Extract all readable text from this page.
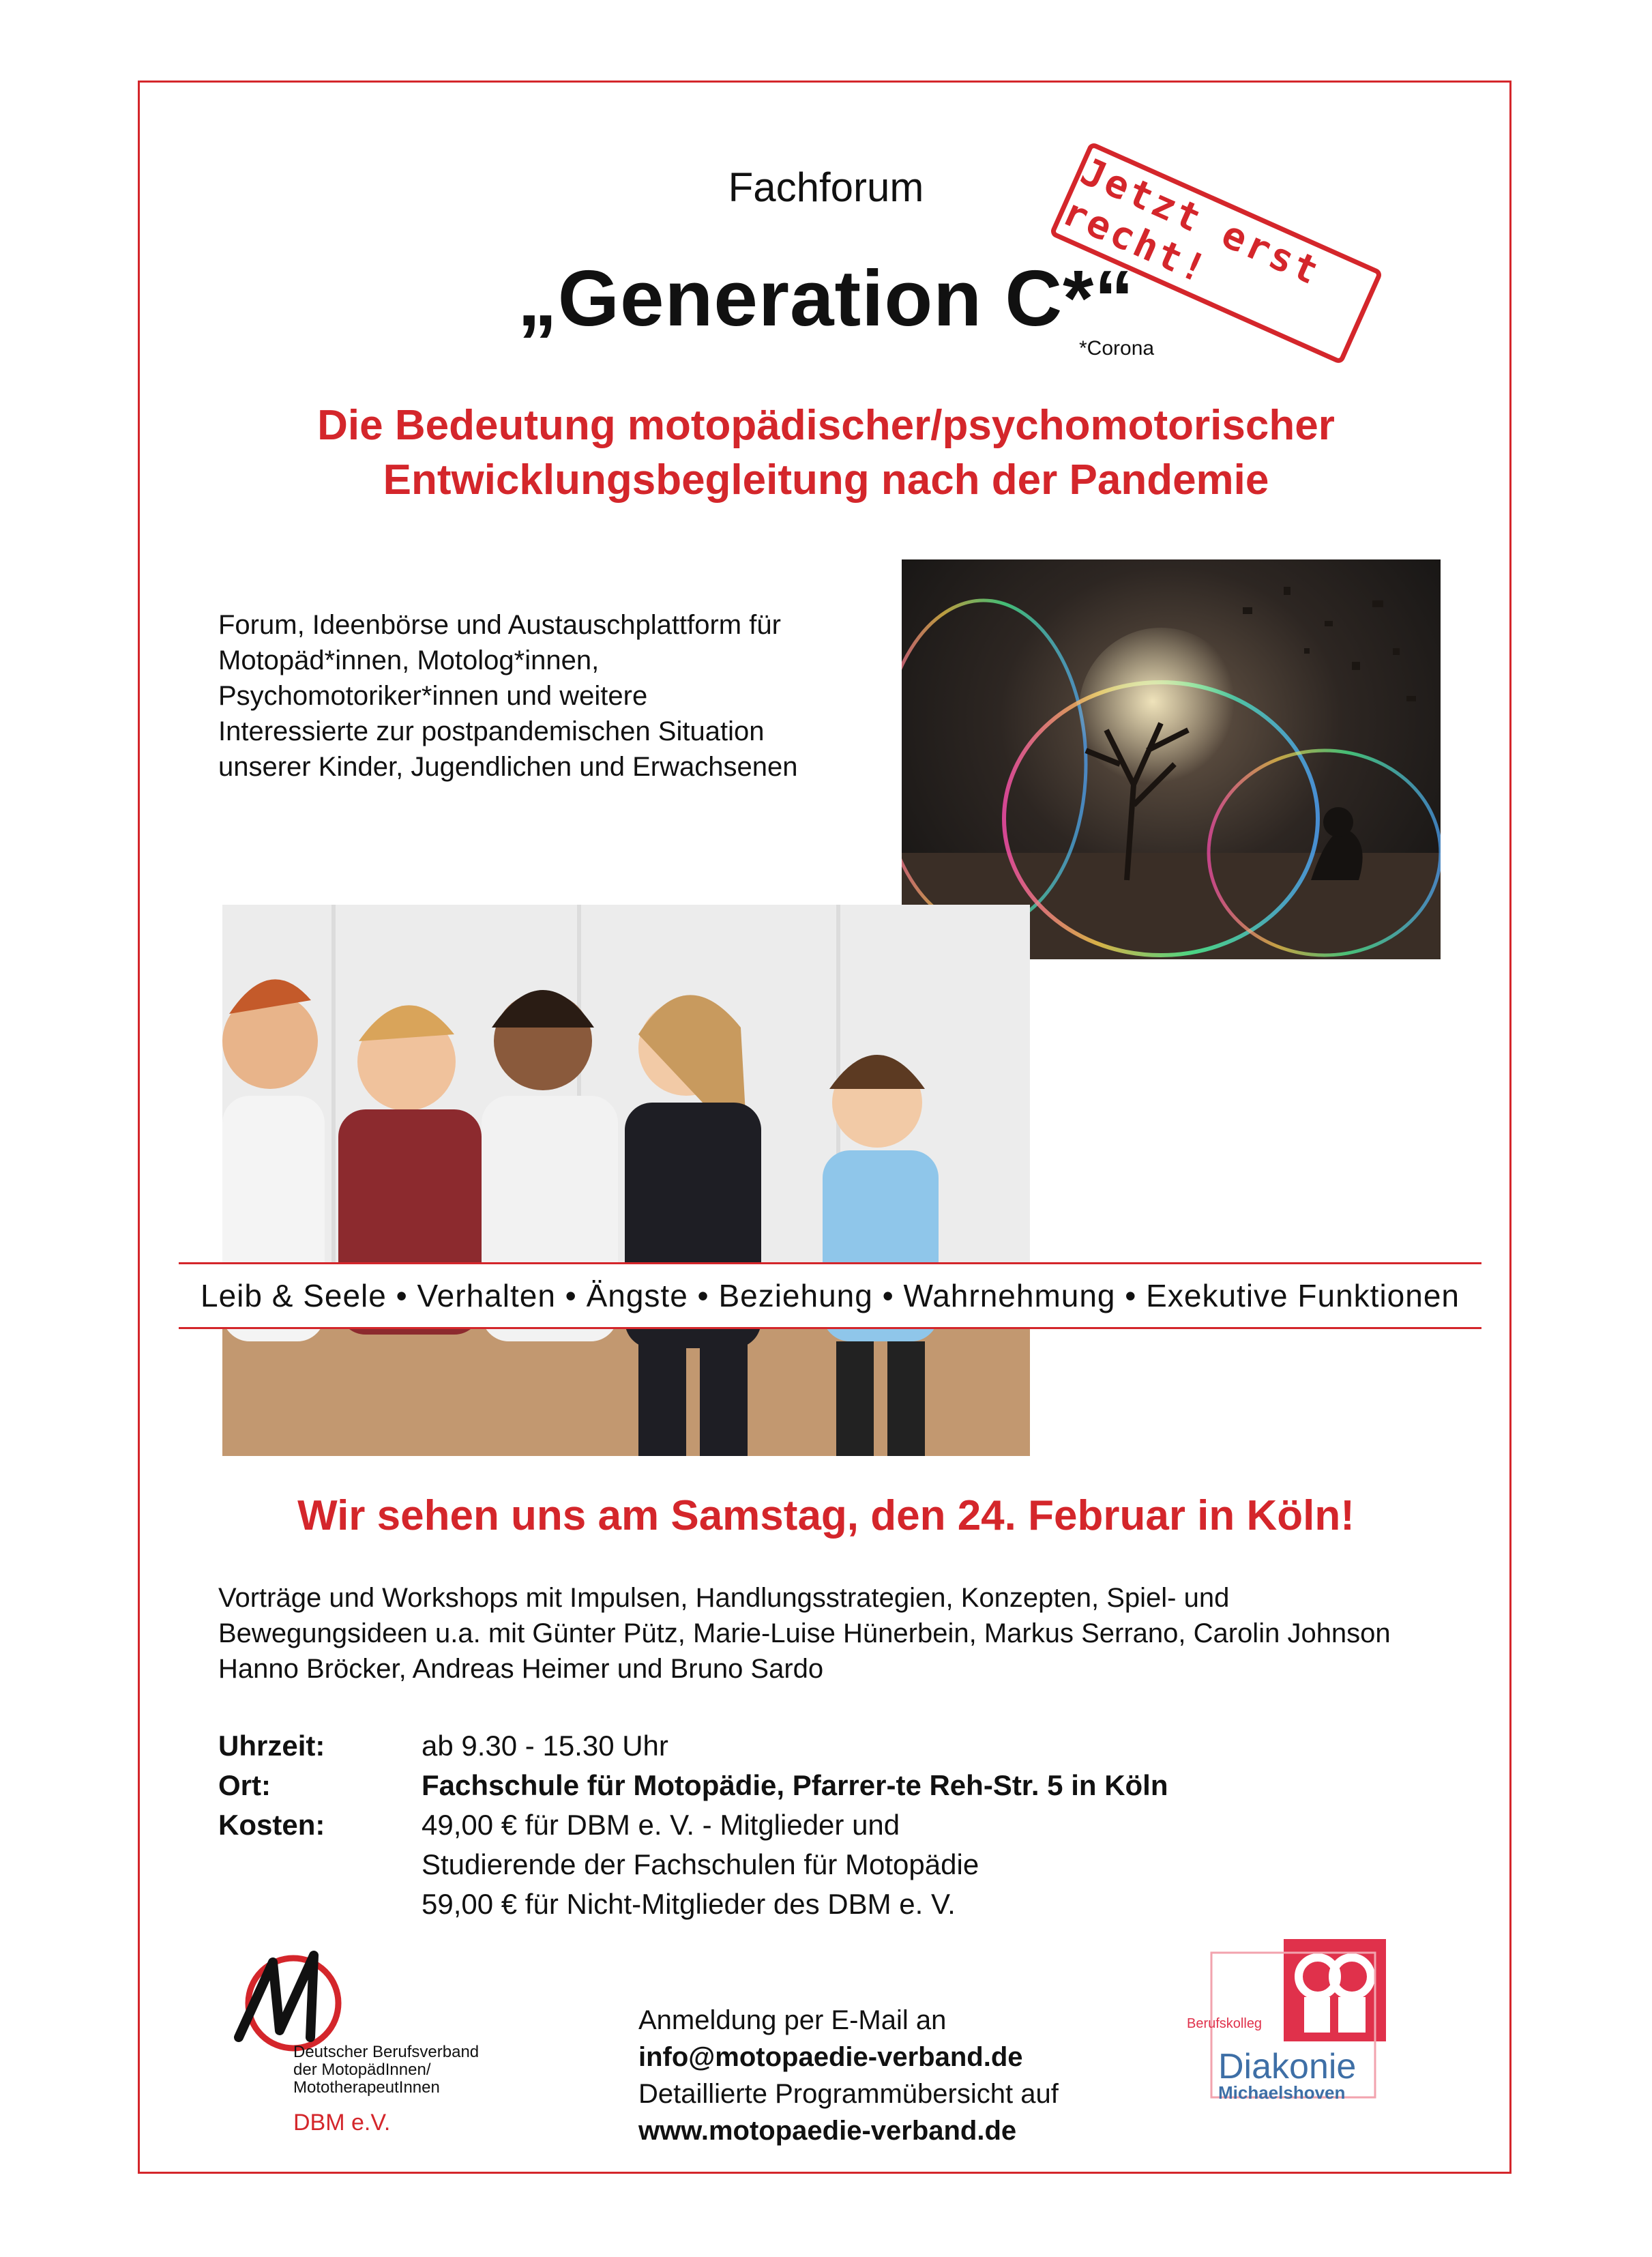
Fachforum
„Generation C*“
*Corona
Jetzt erst recht!
Die Bedeutung motopädischer/psychomotorischer
Entwicklungsbegleitung nach der Pandemie
Forum, Ideenbörse und Austauschplattform für
Motopäd*innen, Motolog*innen,
Psychomotoriker*innen und weitere
Interessierte zur postpandemischen Situation
unserer Kinder, Jugendlichen und Erwachsenen
Leib & Seele • Verhalten • Ängste • Beziehung • Wahrnehmung • Exekutive Funktionen
Wir sehen uns am Samstag, den 24. Februar in Köln!
Vorträge und Workshops mit Impulsen, Handlungsstrategien, Konzepten, Spiel- und
Bewegungsideen u.a. mit Günter Pütz, Marie-Luise Hünerbein, Markus Serrano, Carolin Johnson
Hanno Bröcker, Andreas Heimer und Bruno Sardo
Uhrzeit:	ab 9.30 - 15.30 Uhr
Ort:	Fachschule für Motopädie, Pfarrer-te Reh-Str. 5 in Köln
Kosten:	49,00 € für DBM e. V. - Mitglieder und
Studierende der Fachschulen für Motopädie
59,00 € für Nicht-Mitglieder des DBM e. V.
Deutscher Berufsverband
der MotopädInnen/
MototherapeutInnen
DBM e.V.
Anmeldung per E-Mail an
info@motopaedie-verband.de
Detaillierte Programmübersicht auf
www.motopaedie-verband.de
Berufskolleg
Diakonie
Michaelshoven
